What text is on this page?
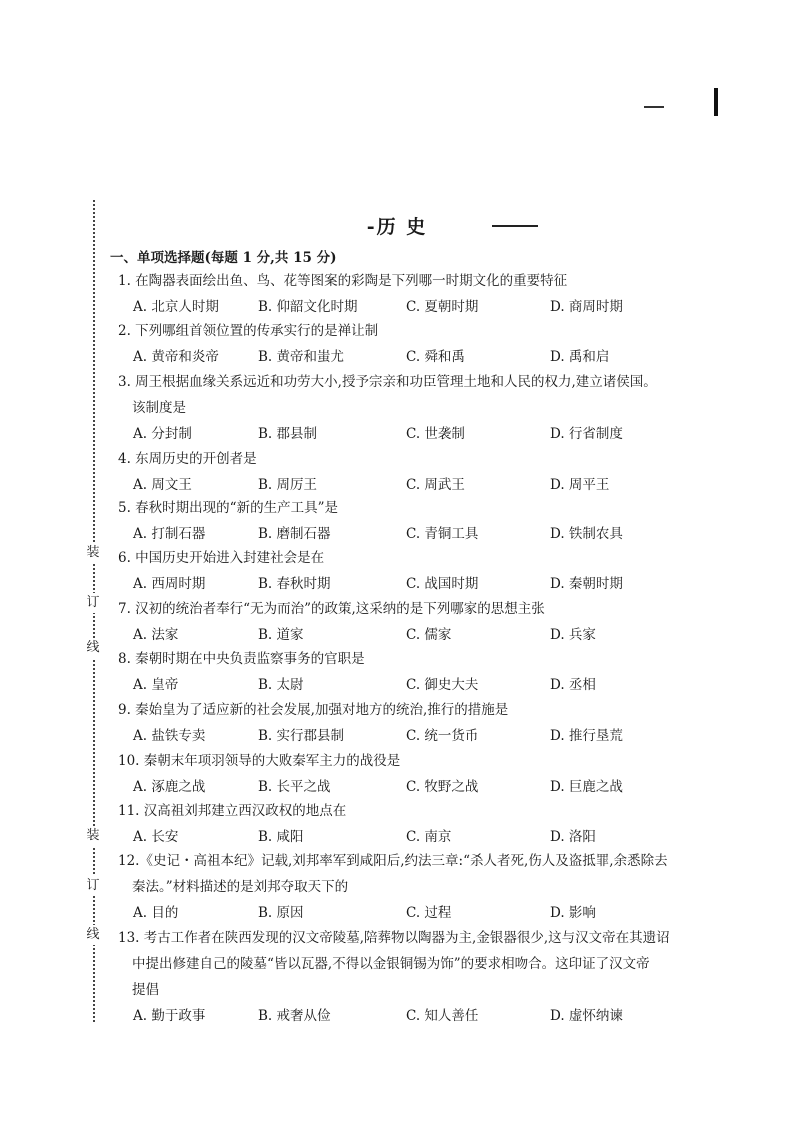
装
订
线
装
订
线
-历 史
一、单项选择题(每题 1 分,共 15 分)
1. 在陶器表面绘出鱼、鸟、花等图案的彩陶是下列哪一时期文化的重要特征
A. 北京人时期	B. 仰韶文化时期	C. 夏朝时期	D. 商周时期
2. 下列哪组首领位置的传承实行的是禅让制
A. 黄帝和炎帝	B. 黄帝和蚩尤	C. 舜和禹	D. 禹和启
3. 周王根据血缘关系远近和功劳大小,授予宗亲和功臣管理土地和人民的权力,建立诸侯国。
该制度是
A. 分封制	B. 郡县制	C. 世袭制	D. 行省制度
4. 东周历史的开创者是
A. 周文王	B. 周厉王	C. 周武王	D. 周平王
5. 春秋时期出现的“新的生产工具”是
A. 打制石器	B. 磨制石器	C. 青铜工具	D. 铁制农具
6. 中国历史开始进入封建社会是在
A. 西周时期	B. 春秋时期	C. 战国时期	D. 秦朝时期
7. 汉初的统治者奉行“无为而治”的政策,这采纳的是下列哪家的思想主张
A. 法家	B. 道家	C. 儒家	D. 兵家
8. 秦朝时期在中央负责监察事务的官职是
A. 皇帝	B. 太尉	C. 御史大夫	D. 丞相
9. 秦始皇为了适应新的社会发展,加强对地方的统治,推行的措施是
A. 盐铁专卖	B. 实行郡县制	C. 统一货币	D. 推行垦荒
10. 秦朝末年项羽领导的大败秦军主力的战役是
A. 涿鹿之战	B. 长平之战	C. 牧野之战	D. 巨鹿之战
11. 汉高祖刘邦建立西汉政权的地点在
A. 长安	B. 咸阳	C. 南京	D. 洛阳
12.《史记・高祖本纪》记载,刘邦率军到咸阳后,约法三章:“杀人者死,伤人及盗抵罪,余悉除去
秦法。”材料描述的是刘邦夺取天下的
A. 目的	B. 原因	C. 过程	D. 影响
13. 考古工作者在陕西发现的汉文帝陵墓,陪葬物以陶器为主,金银器很少,这与汉文帝在其遗诏
中提出修建自己的陵墓“皆以瓦器,不得以金银铜锡为饰”的要求相吻合。这印证了汉文帝
提倡
A. 勤于政事	B. 戒奢从俭	C. 知人善任	D. 虚怀纳谏
